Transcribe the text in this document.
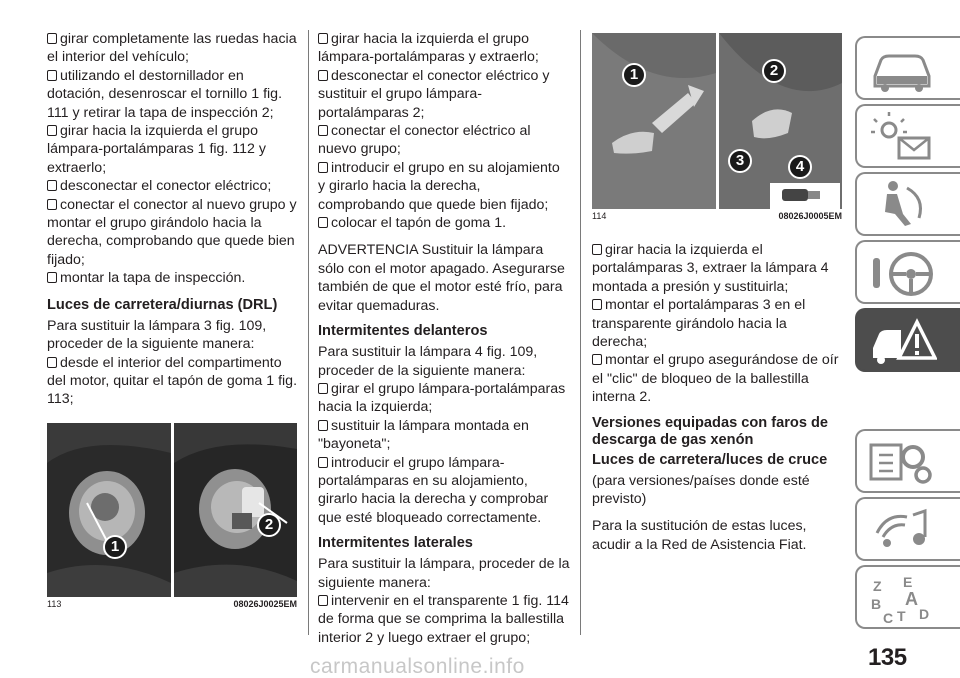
girar completamente las ruedas hacia el interior del vehículo;
utilizando el destornillador en dotación, desenroscar el tornillo 1 fig. 111 y retirar la tapa de inspección 2;
girar hacia la izquierda el grupo lámpara-portalámparas 1 fig. 112 y extraerlo;
desconectar el conector eléctrico;
conectar el conector al nuevo grupo y montar el grupo girándolo hacia la derecha, comprobando que quede bien fijado;
montar la tapa de inspección.
Luces de carretera/diurnas (DRL)
Para sustituir la lámpara 3 fig. 109, proceder de la siguiente manera:
desde el interior del compartimento del motor, quitar el tapón de goma 1 fig. 113;
girar hacia la izquierda el grupo lámpara-portalámparas y extraerlo;
desconectar el conector eléctrico y sustituir el grupo lámpara-portalámparas 2;
conectar el conector eléctrico al nuevo grupo;
introducir el grupo en su alojamiento y girarlo hacia la derecha, comprobando que quede bien fijado;
colocar el tapón de goma 1.
ADVERTENCIA Sustituir la lámpara sólo con el motor apagado. Asegurarse también de que el motor esté frío, para evitar quemaduras.
Intermitentes delanteros
Para sustituir la lámpara 4 fig. 109, proceder de la siguiente manera:
girar el grupo lámpara-portalámparas hacia la izquierda;
sustituir la lámpara montada en "bayoneta";
introducir el grupo lámpara-portalámparas en su alojamiento, girarlo hacia la derecha y comprobar que esté bloqueado correctamente.
Intermitentes laterales
Para sustituir la lámpara, proceder de la siguiente manera:
intervenir en el transparente 1 fig. 114 de forma que se comprima la ballestilla interior 2 y luego extraer el grupo;
girar hacia la izquierda el portalámparas 3, extraer la lámpara 4 montada a presión y sustituirla;
montar el portalámparas 3 en el transparente girándolo hacia la derecha;
montar el grupo asegurándose de oír el "clic" de bloqueo de la ballestilla interna 2.
Versiones equipadas con faros de descarga de gas xenón
Luces de carretera/luces de cruce
(para versiones/países donde esté previsto)
Para la sustitución de estas luces, acudir a la Red de Asistencia Fiat.
1
2
113	08026J0025EM
1	2
3	4
114	08026J0005EM
Z E
A
B
C T D
135
carmanualsonline.info
